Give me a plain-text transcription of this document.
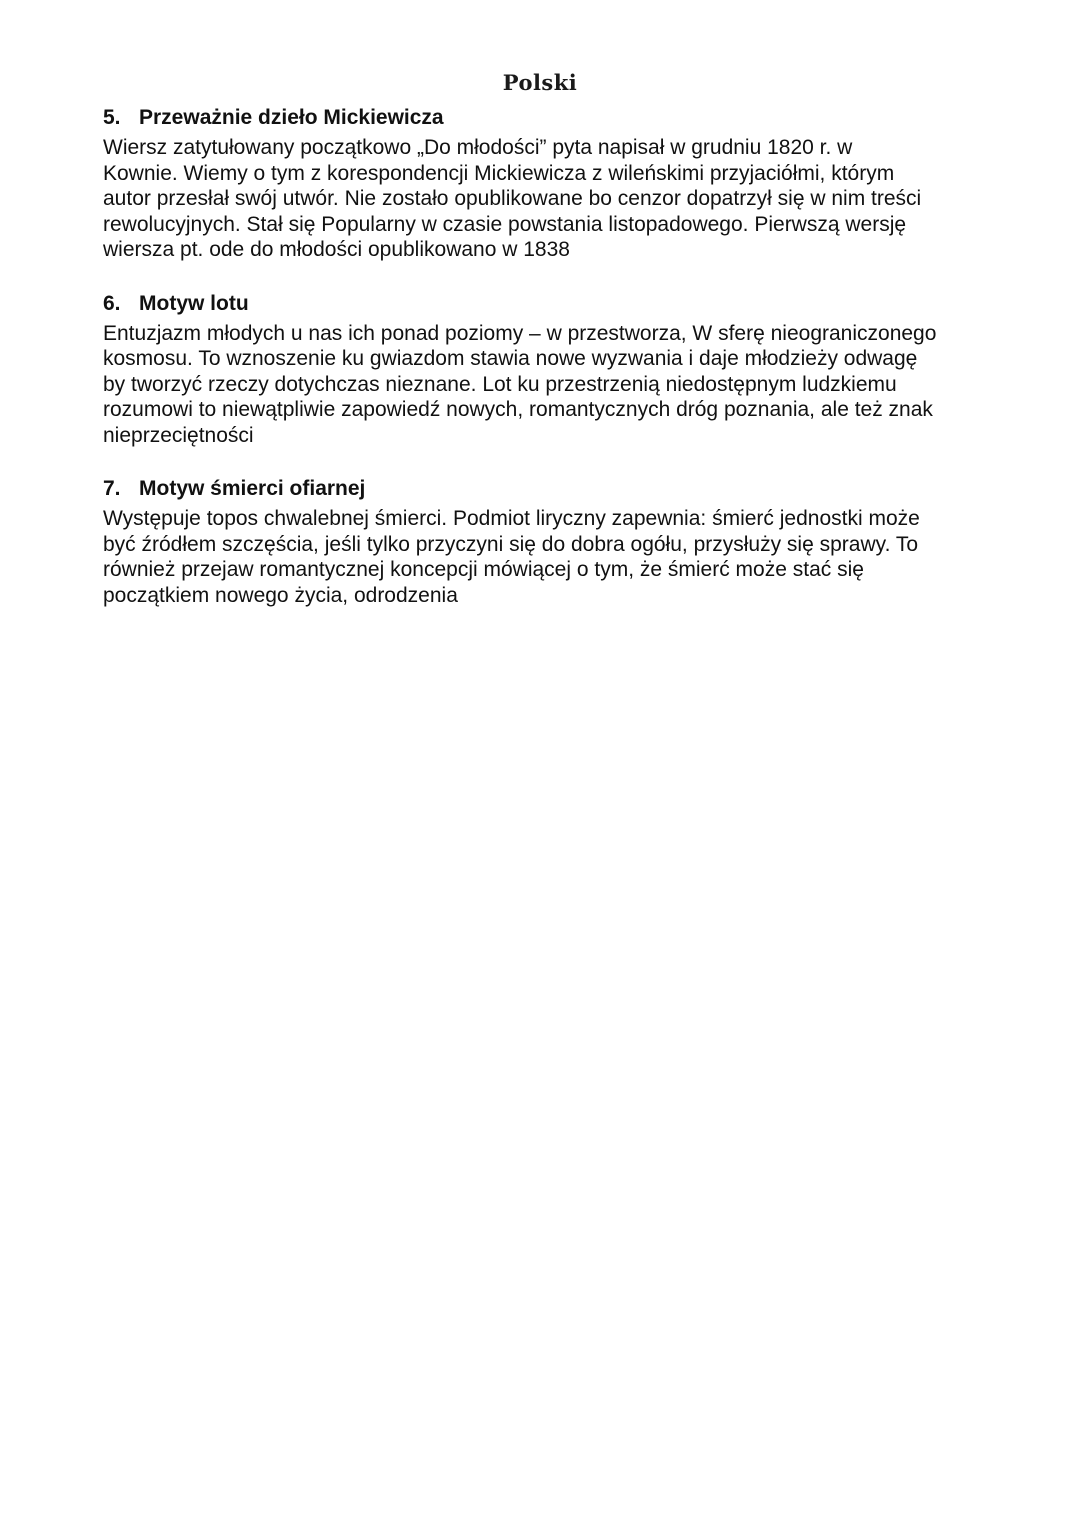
Polski
5. Przeważnie dzieło Mickiewicza

Wiersz zatytułowany początkowo „Do młodości” pyta napisał w grudniu 1820 r. w
Kownie. Wiemy o tym z korespondencji Mickiewicza z wileńskimi przyjaciółmi, którym
autor przesłał swój utwór. Nie zostało opublikowane bo cenzor dopatrzył się w nim treści
rewolucyjnych. Stał się Popularny w czasie powstania listopadowego. Pierwszą wersję
wiersza pt. ode do młodości opublikowano w 1838

6. Motyw lotu

Entuzjazm młodych u nas ich ponad poziomy – w przestworza, W sferę nieograniczonego
kosmosu. To wznoszenie ku gwiazdom stawia nowe wyzwania i daje młodzieży odwagę
by tworzyć rzeczy dotychczas nieznane. Lot ku przestrzenią niedostępnym ludzkiemu
rozumowi to niewątpliwie zapowiedź nowych, romantycznych dróg poznania, ale też znak
nieprzeciętności

7. Motyw śmierci ofiarnej

Występuje topos chwalebnej śmierci. Podmiot liryczny zapewnia: śmierć jednostki może
być źródłem szczęścia, jeśli tylko przyczyni się do dobra ogółu, przysłuży się sprawy. To
również przejaw romantycznej koncepcji mówiącej o tym, że śmierć może stać się
początkiem nowego życia, odrodzenia
